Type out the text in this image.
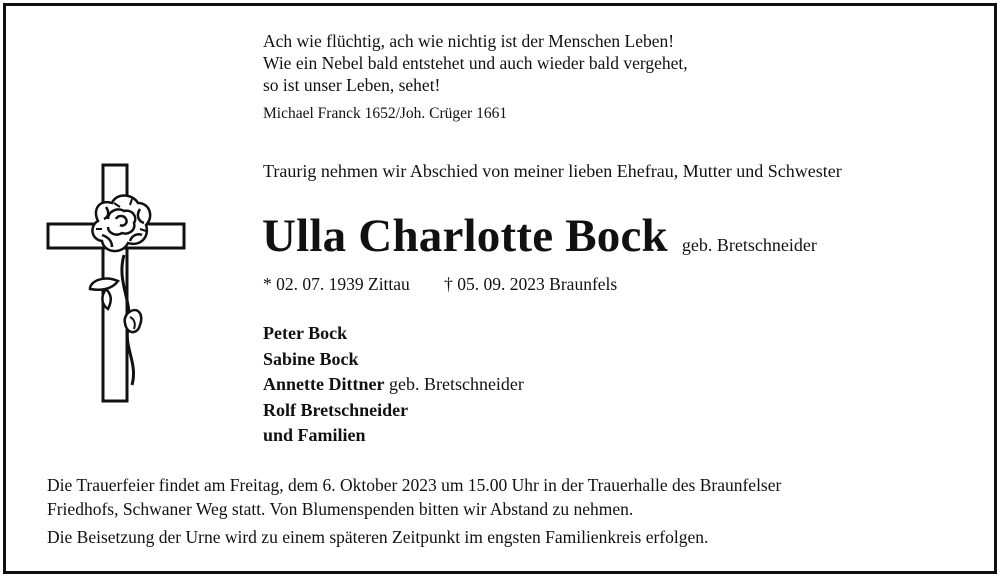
Ach wie flüchtig, ach wie nichtig ist der Menschen Leben!
Wie ein Nebel bald entstehet und auch wieder bald vergehet,
so ist unser Leben, sehet!
Michael Franck 1652/Joh. Crüger 1661
Traurig nehmen wir Abschied von meiner lieben Ehefrau, Mutter und Schwester
Ulla Charlotte Bock geb. Bretschneider
* 02. 07. 1939 Zittau † 05. 09. 2023 Braunfels
Peter Bock
Sabine Bock
Annette Dittner geb. Bretschneider
Rolf Bretschneider
und Familien
Die Trauerfeier findet am Freitag, dem 6. Oktober 2023 um 15.00 Uhr in der Trauerhalle des Braunfelser
Friedhofs, Schwaner Weg statt. Von Blumenspenden bitten wir Abstand zu nehmen.
Die Beisetzung der Urne wird zu einem späteren Zeitpunkt im engsten Familienkreis erfolgen.
